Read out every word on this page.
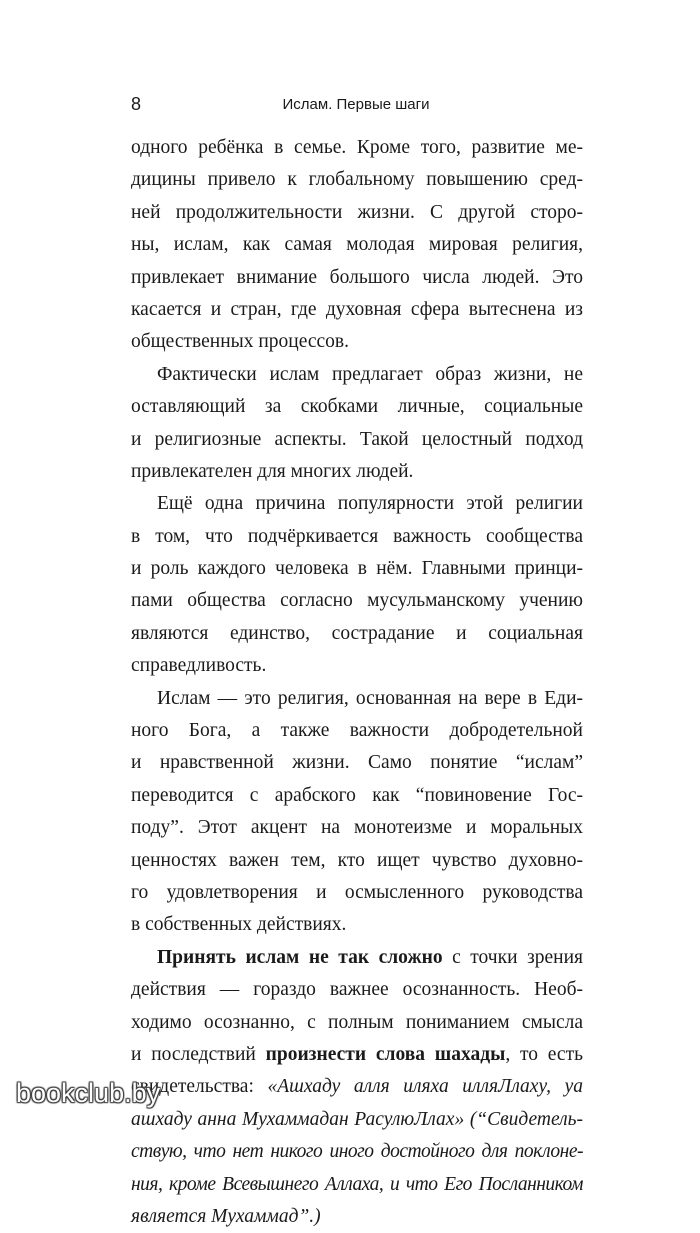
8	Ислам. Первые шаги
одного ребёнка в семье. Кроме того, развитие ме-
дицины привело к глобальному повышению сред-
ней продолжительности жизни. С другой сторо-
ны, ислам, как самая молодая мировая религия,
привлекает внимание большого числа людей. Это
касается и стран, где духовная сфера вытеснена из
общественных процессов.
Фактически ислам предлагает образ жизни, не
оставляющий за скобками личные, социальные
и религиозные аспекты. Такой целостный подход
привлекателен для многих людей.
Ещё одна причина популярности этой религии
в том, что подчёркивается важность сообщества
и роль каждого человека в нём. Главными принци-
пами общества согласно мусульманскому учению
являются единство, сострадание и социальная
справедливость.
Ислам — это религия, основанная на вере в Еди-
ного Бога, а также важности добродетельной
и нравственной жизни. Само понятие “ислам”
переводится с арабского как “повиновение Гос-
поду”. Этот акцент на монотеизме и моральных
ценностях важен тем, кто ищет чувство духовно-
го удовлетворения и осмысленного руководства
в собственных действиях.
Принять ислам не так сложно с точки зрения
действия — гораздо важнее осознанность. Необ-
ходимо осознанно, с полным пониманием смысла
и последствий произнести слова шахады, то есть
свидетельства: «Ашхаду алля иляха илляЛлаху, уа
ашхаду анна Мухаммадан РасулюЛлах» (“Свидетель-
ствую, что нет никого иного достойного для поклоне-
ния, кроме Всевышнего Аллаха, и что Его Посланником
является Мухаммад”.)
bookclub.by
